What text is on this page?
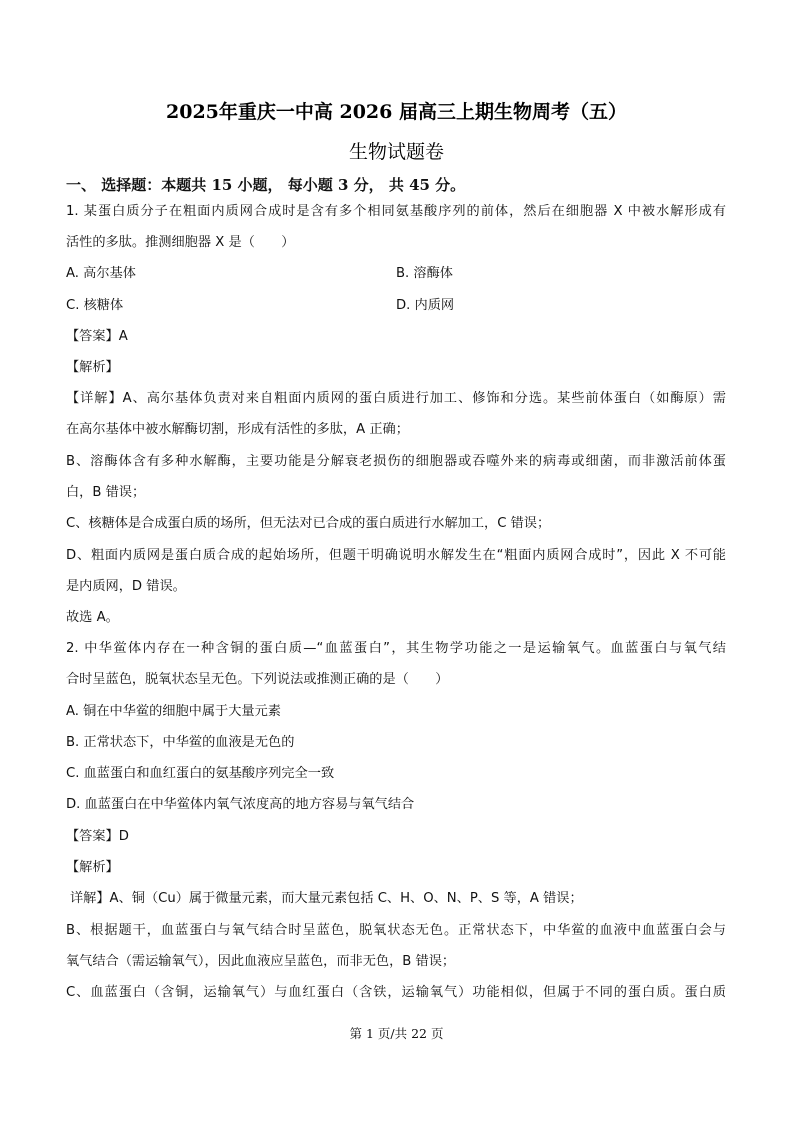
2025年重庆一中高 2026 届高三上期生物周考（五）
生物试题卷
一、 选择题：本题共 15 小题， 每小题 3 分， 共 45 分。
1. 某蛋白质分子在粗面内质网合成时是含有多个相同氨基酸序列的前体，然后在细胞器 X 中被水解形成有
活性的多肽。推测细胞器 X 是（　　）
A. 高尔基体	B. 溶酶体
C. 核糖体	D. 内质网
【答案】A
【解析】
【详解】A、高尔基体负责对来自粗面内质网的蛋白质进行加工、修饰和分选。某些前体蛋白（如酶原）需
在高尔基体中被水解酶切割，形成有活性的多肽，A 正确；
B、溶酶体含有多种水解酶，主要功能是分解衰老损伤的细胞器或吞噬外来的病毒或细菌，而非激活前体蛋
白，B 错误；
C、核糖体是合成蛋白质的场所，但无法对已合成的蛋白质进行水解加工，C 错误；
D、粗面内质网是蛋白质合成的起始场所，但题干明确说明水解发生在“粗面内质网合成时”，因此 X 不可能
是内质网，D 错误。
故选 A。
2. 中华鲎体内存在一种含铜的蛋白质—“血蓝蛋白”，其生物学功能之一是运输氧气。血蓝蛋白与氧气结
合时呈蓝色，脱氧状态呈无色。下列说法或推测正确的是（　　）
A. 铜在中华鲎的细胞中属于大量元素
B. 正常状态下，中华鲎的血液是无色的
C. 血蓝蛋白和血红蛋白的氨基酸序列完全一致
D. 血蓝蛋白在中华鲎体内氧气浓度高的地方容易与氧气结合
【答案】D
【解析】
详解】A、铜（Cu）属于微量元素，而大量元素包括 C、H、O、N、P、S 等，A 错误；
B、根据题干，血蓝蛋白与氧气结合时呈蓝色，脱氧状态无色。正常状态下，中华鲎的血液中血蓝蛋白会与
氧气结合（需运输氧气），因此血液应呈蓝色，而非无色，B 错误；
C、血蓝蛋白（含铜，运输氧气）与血红蛋白（含铁，运输氧气）功能相似，但属于不同的蛋白质。蛋白质
第 1 页/共 22 页
